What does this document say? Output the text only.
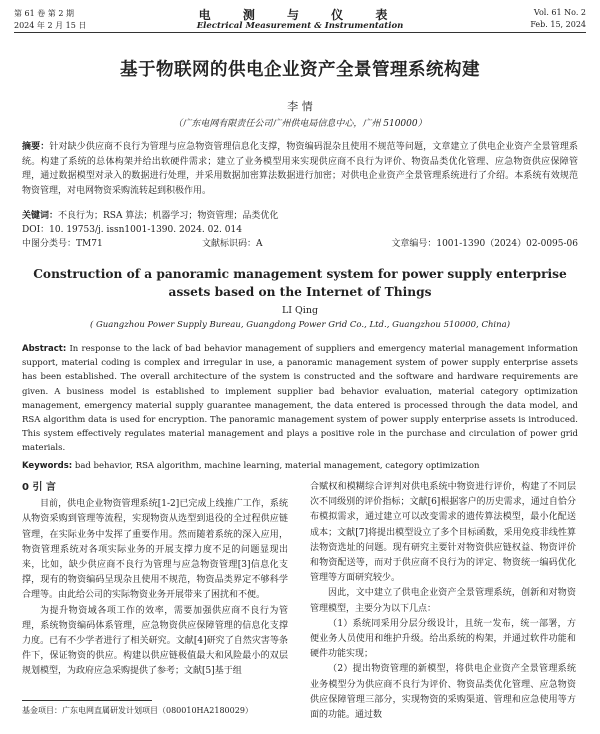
第 61 卷 第 2 期
2024 年 2 月 15 日
电 测 与 仪 表
Electrical Measurement & Instrumentation
Vol. 61 No. 2
Feb. 15, 2024
基于物联网的供电企业资产全景管理系统构建
李 情
（广东电网有限责任公司广州供电局信息中心，广州 510000）
摘要：针对缺少供应商不良行为管理与应急物资管理信息化支撑，物资编码混杂且使用不规范等问题，文章建立了供电企业资产全景管理系统。构建了系统的总体构架并给出软硬件需求；建立了业务模型用来实现供应商不良行为评价、物资品类优化管理、应急物资供应保障管理，通过数据模型对录入的数据进行处理，并采用数据加密算法数据进行加密；对供电企业资产全景管理系统进行了介绍。本系统有效规范物资管理，对电网物资采购流转起到积极作用。
关键词：不良行为；RSA 算法；机器学习；物资管理；品类优化
DOI：10. 19753/j. issn1001-1390. 2024. 02. 014
中图分类号：TM71	文献标识码：A	文章编号：1001-1390（2024）02-0095-06
Construction of a panoramic management system for power supply enterprise assets based on the Internet of Things
LI Qing
( Guangzhou Power Supply Bureau, Guangdong Power Grid Co., Ltd., Guangzhou 510000, China)
Abstract: In response to the lack of bad behavior management of suppliers and emergency material management information support, material coding is complex and irregular in use, a panoramic management system of power supply enterprise assets has been established. The overall architecture of the system is constructed and the software and hardware requirements are given. A business model is established to implement supplier bad behavior evaluation, material category optimization management, emergency material supply guarantee management, the data entered is processed through the data model, and RSA algorithm data is used for encryption. The panoramic management system of power supply enterprise assets is introduced. This system effectively regulates material management and plays a positive role in the purchase and circulation of power grid materials.
Keywords: bad behavior, RSA algorithm, machine learning, material management, category optimization
0 引 言

目前，供电企业物资管理系统[1-2]已完成上线推广工作，系统从物资采购到管理等流程，实现物资从选型到退役的全过程供应链管理，在实际业务中发挥了重要作用。然而随着系统的深入应用，物资管理系统对各项实际业务的开展支撑力度不足的问题显现出来，比如，缺少供应商不良行为管理与应急物资管理[3]信息化支撑，现有的物资编码呈现杂且使用不规范，物资品类界定不够科学合理等。由此给公司的实际物资业务开展带来了困扰和不便。

为提升物资域各项工作的效率，需要加强供应商不良行为管理，系统物资编码体系管理，应急物资供应保障管理的信息化支撑力度。已有不少学者进行了相关研究。文献[4]研究了自然灾害等条件下，保证物资的供应。构建以供应链极值最大和风险最小的双层规划模型，为政府应急采购提供了参考；文献[5]基于组

合赋权和模糊综合评判对供电系统中物资进行评价，构建了不同层次不同级别的评价指标；文献[6]根据客户的历史需求，通过自恰分布模拟需求，通过建立可以改变需求的遗传算法模型，最小化配送成本；文献[7]将提出模型设立了多个目标函数，采用免疫非线性算法物资选址的问题。现有研究主要针对物资供应链权益、物资评价和物资配送等，而对于供应商不良行为的评定、物资统一编码优化管理等方面研究较少。

因此，文中建立了供电企业资产全景管理系统，创新和对物资管理模型，主要分为以下几点：

（1）系统同采用分层分级设计，且统一发布，统一部署，方便业务人员使用和维护升级。给出系统的构架，并通过软件功能和硬件功能实现；

（2）提出物资管理的新模型，将供电企业资产全景管理系统业务模型分为供应商不良行为评价、物资品类优化管理、应急物资供应保障管理三部分，实现物资的采购渠道、管理和应急使用等方面的功能。通过数

基金项目：广东电网直属研发计划项目（080010HA2180029）
